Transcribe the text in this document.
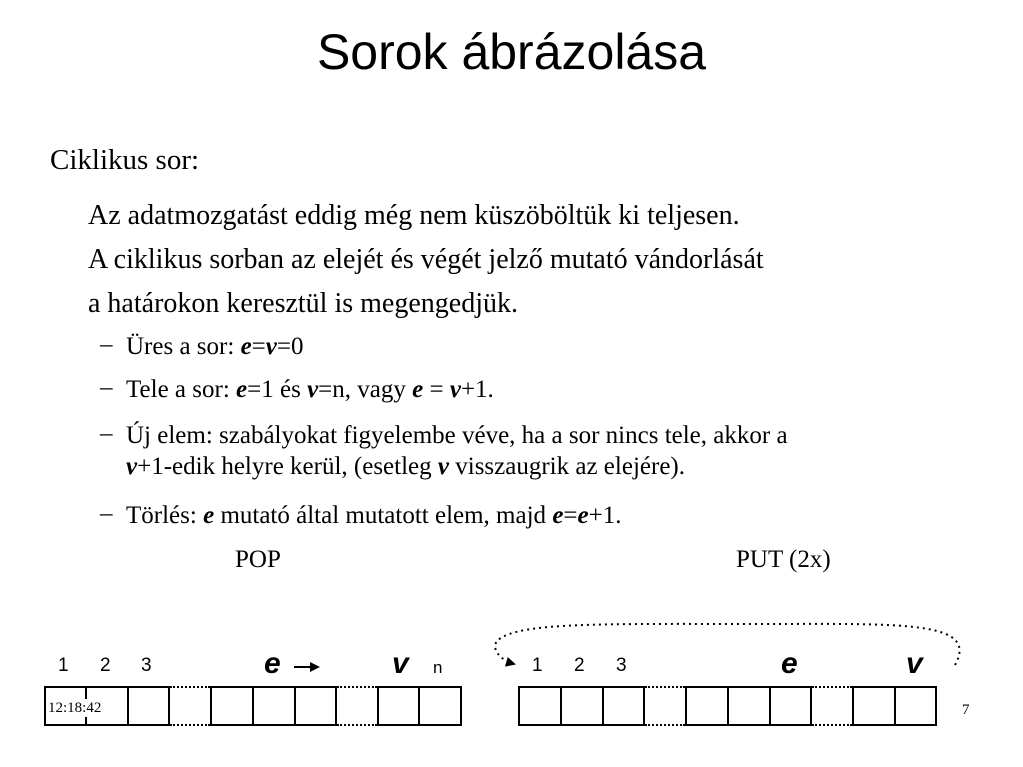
Sorok ábrázolása
Ciklikus sor:
Az adatmozgatást eddig még nem küszöböltük ki teljesen.
A ciklikus sorban az elejét és végét jelző mutató vándorlását
a határokon keresztül is megengedjük.
– Üres a sor: e=v=0
– Tele a sor: e=1 és v=n, vagy e = v+1.
– Új elem: szabályokat figyelembe véve, ha a sor nincs tele, akkor a
v+1-edik helyre kerül, (esetleg v visszaugrik az elejére).
– Törlés: e mutató által mutatott elem, majd e=e+1.
POP	PUT (2x)
1 2 3	e	v n	1 2 3	e	v
12:18:42	7
